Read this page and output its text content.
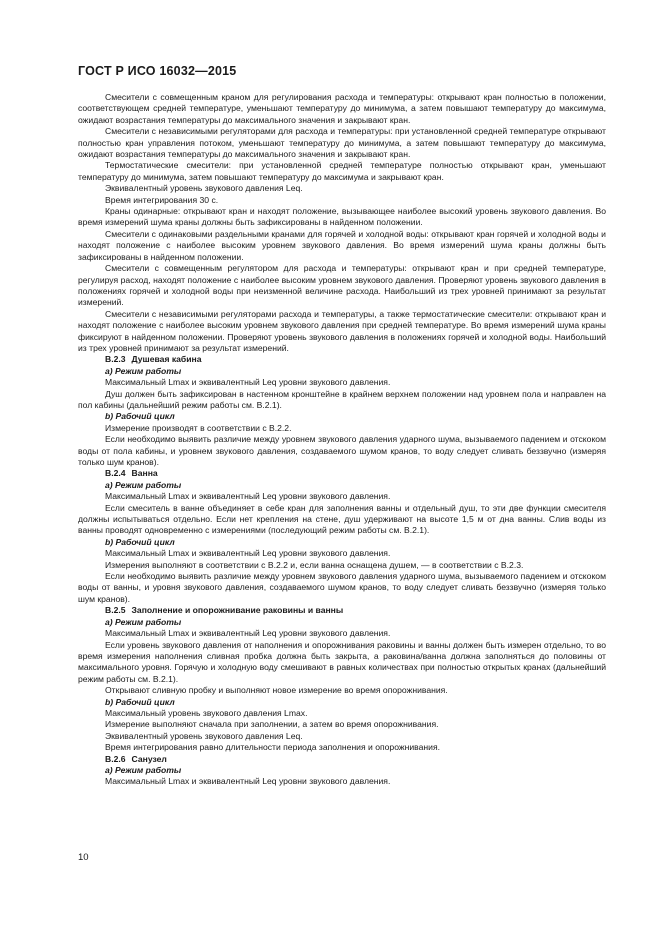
ГОСТ Р ИСО 16032—2015

Смесители с совмещенным краном для регулирования расхода и температуры: открывают кран полностью в положении, соответствующем средней температуре, уменьшают температуру до минимума, а затем повышают температуру до максимума, ожидают возрастания температуры до максимального значения и закрывают кран.

Смесители с независимыми регуляторами для расхода и температуры: при установленной средней температуре открывают полностью кран управления потоком, уменьшают температуру до минимума, а затем повышают температуру до максимума, ожидают возрастания температуры до максимального значения и закрывают кран.

Термостатические смесители: при установленной средней температуре полностью открывают кран, уменьшают температуру до минимума, затем повышают температуру до максимума и закрывают кран.

Эквивалентный уровень звукового давления Leq.

Время интегрирования 30 с.

Краны одинарные: открывают кран и находят положение, вызывающее наиболее высокий уровень звукового давления. Во время измерений шума краны должны быть зафиксированы в найденном положении.

Смесители с одинаковыми раздельными кранами для горячей и холодной воды: открывают кран горячей и холодной воды и находят положение с наиболее высоким уровнем звукового давления. Во время измерений шума краны должны быть зафиксированы в найденном положении.

Смесители с совмещенным регулятором для расхода и температуры: открывают кран и при средней температуре, регулируя расход, находят положение с наиболее высоким уровнем звукового давления. Проверяют уровень звукового давления в положениях горячей и холодной воды при неизменной величине расхода. Наибольший из трех уровней принимают за результат измерений.

Смесители с независимыми регуляторами расхода и температуры, а также термостатические смесители: открывают кран и находят положение с наиболее высоким уровнем звукового давления при средней температуре. Во время измерений шума краны фиксируют в найденном положении. Проверяют уровень звукового давления в положениях горячей и холодной воды. Наибольший из трех уровней принимают за результат измерений.

В.2.3 Душевая кабина

a) Режим работы

Максимальный Lmax и эквивалентный Leq уровни звукового давления.

Душ должен быть зафиксирован в настенном кронштейне в крайнем верхнем положении над уровнем пола и направлен на пол кабины (дальнейший режим работы см. В.2.1).

b) Рабочий цикл

Измерение производят в соответствии с В.2.2.

Если необходимо выявить различие между уровнем звукового давления ударного шума, вызываемого падением и отскоком воды от пола кабины, и уровнем звукового давления, создаваемого шумом кранов, то воду следует сливать беззвучно (измеряя только шум кранов).

В.2.4 Ванна

a) Режим работы

Максимальный Lmax и эквивалентный Leq уровни звукового давления.

Если смеситель в ванне объединяет в себе кран для заполнения ванны и отдельный душ, то эти две функции смесителя должны испытываться отдельно. Если нет крепления на стене, душ удерживают на высоте 1,5 м от дна ванны. Слив воды из ванны проводят одновременно с измерениями (последующий режим работы см. В.2.1).

b) Рабочий цикл

Максимальный Lmax и эквивалентный Leq уровни звукового давления.

Измерения выполняют в соответствии с В.2.2 и, если ванна оснащена душем, — в соответствии с В.2.3.

Если необходимо выявить различие между уровнем звукового давления ударного шума, вызываемого падением и отскоком воды от ванны, и уровня звукового давления, создаваемого шумом кранов, то воду следует сливать беззвучно (измеряя только шум кранов).

В.2.5 Заполнение и опорожнивание раковины и ванны

a) Режим работы

Максимальный Lmax и эквивалентный Leq уровни звукового давления.

Если уровень звукового давления от наполнения и опорожнивания раковины и ванны должен быть измерен отдельно, то во время измерения наполнения сливная пробка должна быть закрыта, а раковина/ванна должна заполняться до половины от максимального уровня. Горячую и холодную воду смешивают в равных количествах при полностью открытых кранах (дальнейший режим работы см. В.2.1).

Открывают сливную пробку и выполняют новое измерение во время опорожнивания.

b) Рабочий цикл

Максимальный уровень звукового давления Lmax.

Измерение выполняют сначала при заполнении, а затем во время опорожнивания.

Эквивалентный уровень звукового давления Leq.

Время интегрирования равно длительности периода заполнения и опорожнивания.

В.2.6 Санузел

a) Режим работы

Максимальный Lmax и эквивалентный Leq уровни звукового давления.

10
